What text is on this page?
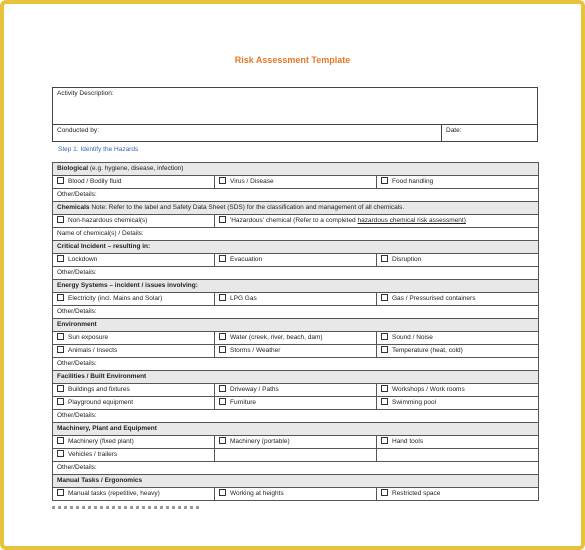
Risk Assessment Template
Activity Description:
Conducted by:	Date:
Step 1: Identify the Hazards
Biological (e.g. hygiene, disease, infection)		
Blood / Bodily fluid	Virus / Disease	Food handling
Other/Details:		
Chemicals Note: Refer to the label and Safety Data Sheet (SDS) for the classification and management of all chemicals.		
Non-hazardous chemical(s)	'Hazardous' chemical (Refer to a completed hazardous chemical risk assessment)	
Name of chemical(s) / Details:		
Critical Incident – resulting in:		
Lockdown	Evacuation	Disruption
Other/Details:		
Energy Systems – incident / issues involving:		
Electricity (incl. Mains and Solar)	LPG Gas	Gas / Pressurised containers
Other/Details:		
Environment		
Sun exposure	Water (creek, river, beach, dam)	Sound / Noise
Animals / Insects	Storms / Weather	Temperature (heat, cold)
Other/Details:		
Facilities / Built Environment		
Buildings and fixtures	Driveway / Paths	Workshops / Work rooms
Playground equipment	Furniture	Swimming pool
Other/Details:		
Machinery, Plant and Equipment		
Machinery (fixed plant)	Machinery (portable)	Hand tools
Vehicles / trailers		
Other/Details:		
Manual Tasks / Ergonomics		
Manual tasks (repetitive, heavy)	Working at heights	Restricted space
